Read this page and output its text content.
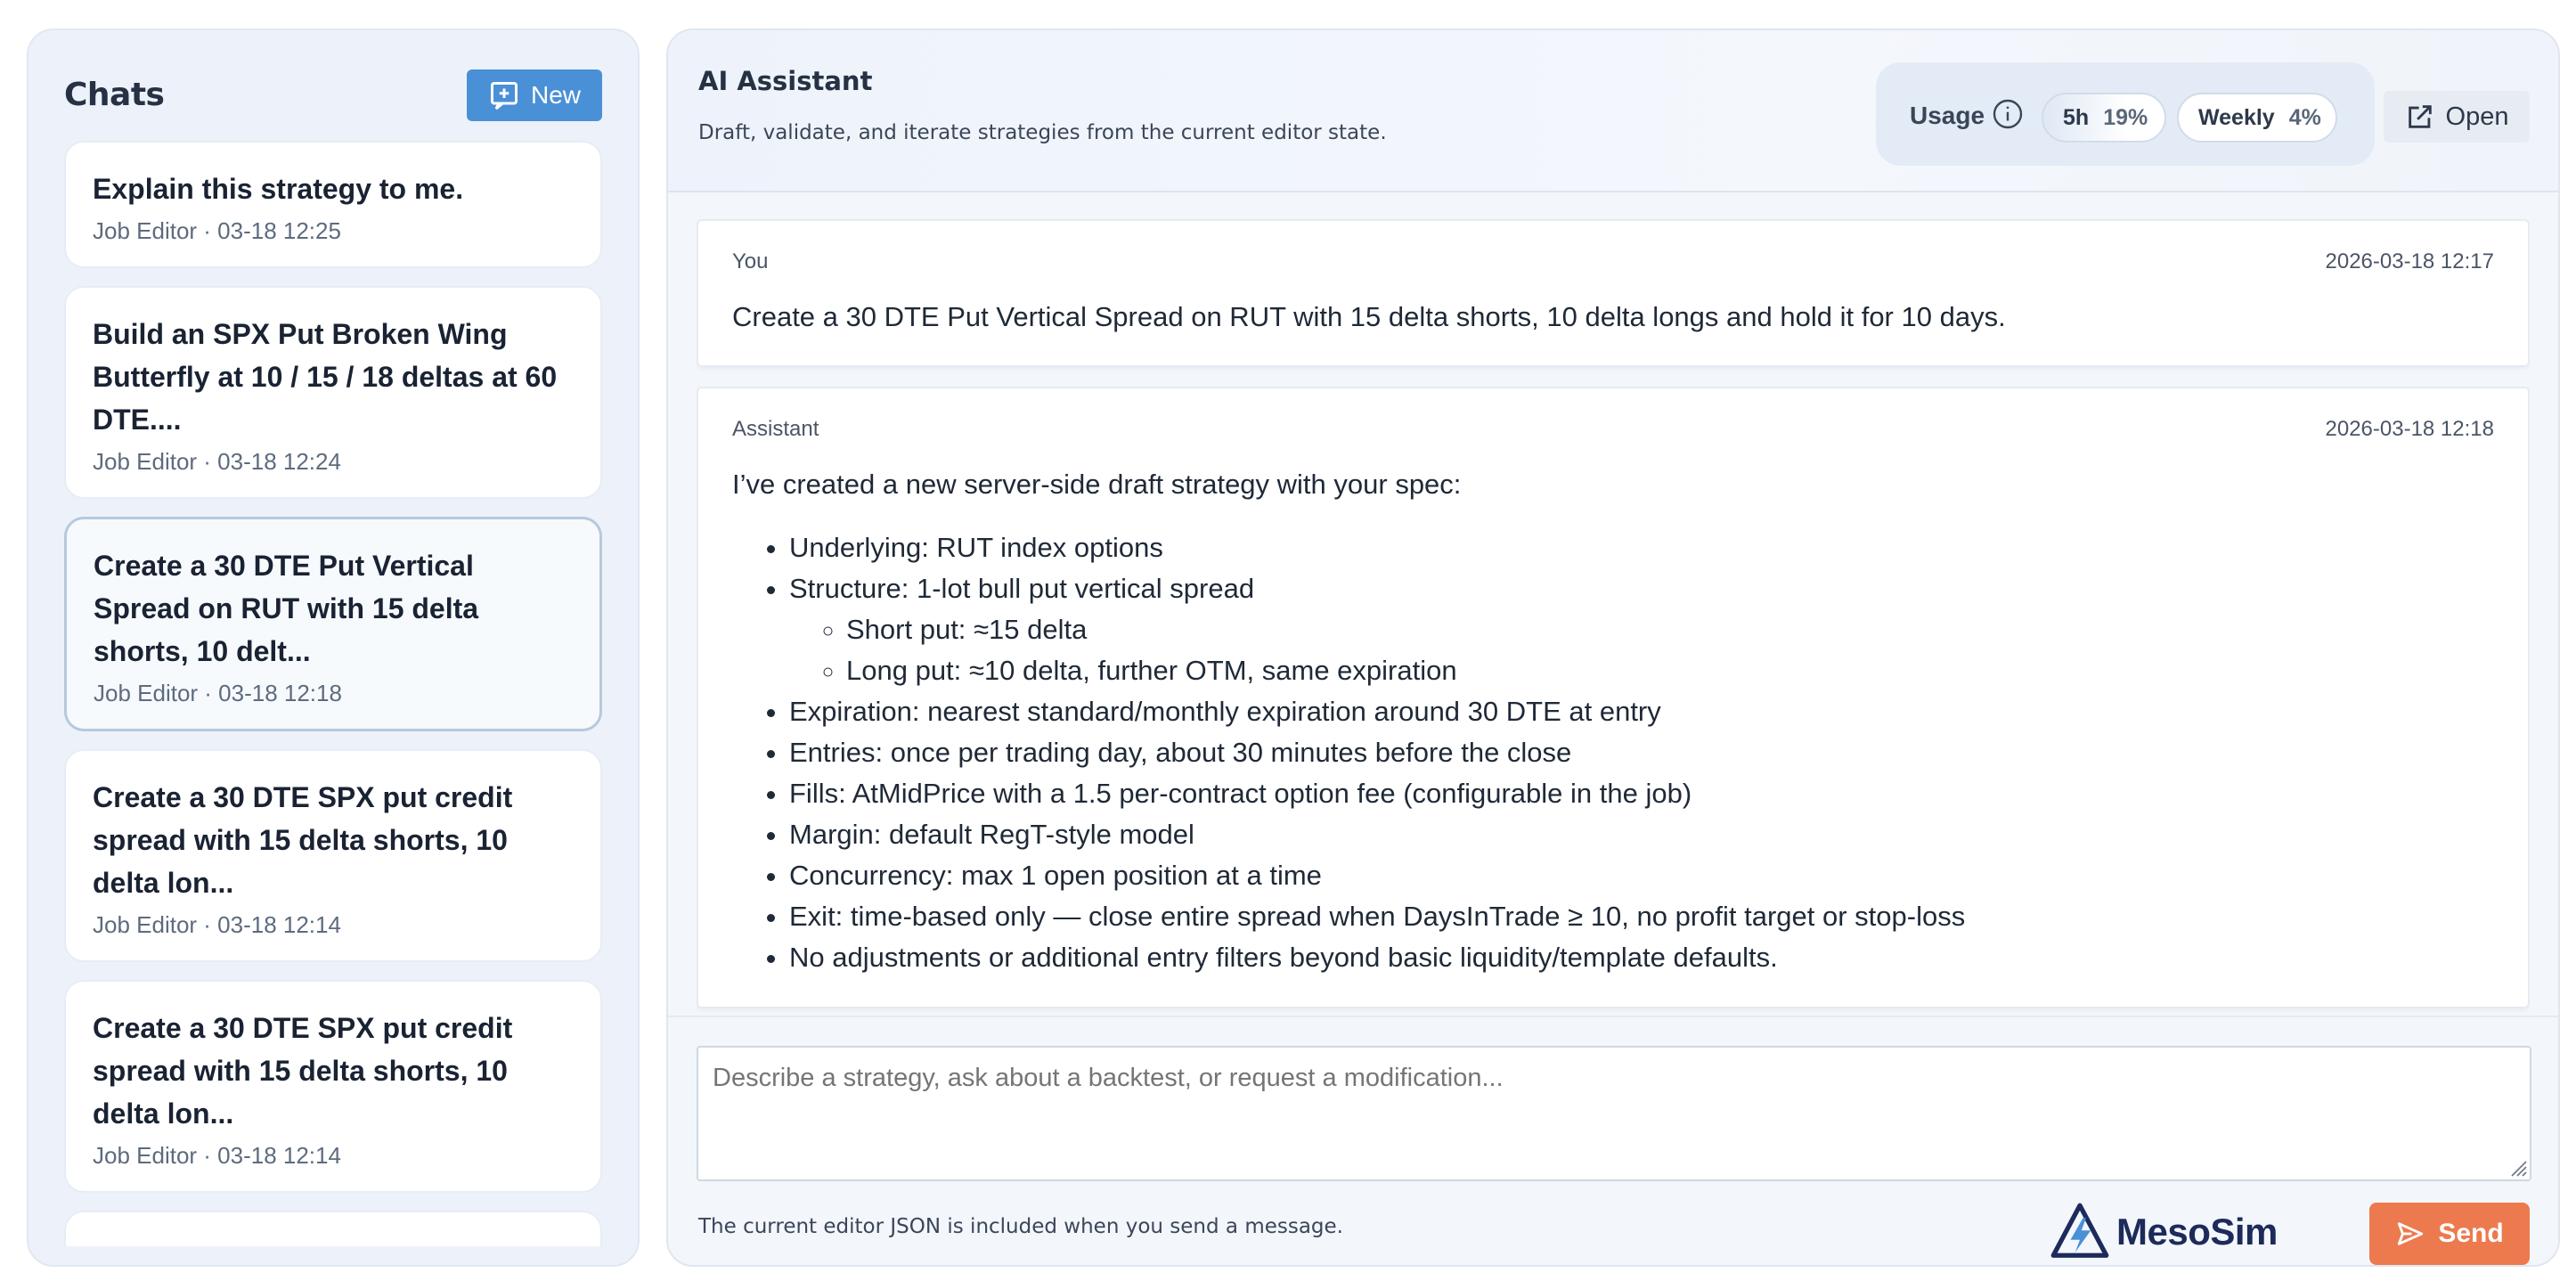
Chats	New
Explain this strategy to me.
Job Editor · 03-18 12:25
Build an SPX Put Broken Wing Butterfly at 10 / 15 / 18 deltas at 60 DTE....
Job Editor · 03-18 12:24
Create a 30 DTE Put Vertical Spread on RUT with 15 delta shorts, 10 delt...
Job Editor · 03-18 12:18
Create a 30 DTE SPX put credit spread with 15 delta shorts, 10 delta lon...
Job Editor · 03-18 12:14
Create a 30 DTE SPX put credit spread with 15 delta shorts, 10 delta lon...
Job Editor · 03-18 12:14
AI Assistant
Draft, validate, and iterate strategies from the current editor state.
Usage	5h 19% Weekly 4%	Open
You	2026-03-18 12:17
Create a 30 DTE Put Vertical Spread on RUT with 15 delta shorts, 10 delta longs and hold it for 10 days.
Assistant	2026-03-18 12:18
I’ve created a new server-side draft strategy with your spec:
• Underlying: RUT index options
• Structure: 1-lot bull put vertical spread
◦ Short put: ≈15 delta
◦ Long put: ≈10 delta, further OTM, same expiration
• Expiration: nearest standard/monthly expiration around 30 DTE at entry
• Entries: once per trading day, about 30 minutes before the close
• Fills: AtMidPrice with a 1.5 per-contract option fee (configurable in the job)
• Margin: default RegT-style model
• Concurrency: max 1 open position at a time
• Exit: time-based only — close entire spread when DaysInTrade ≥ 10, no profit target or stop-loss
• No adjustments or additional entry filters beyond basic liquidity/template defaults.
Describe a strategy, ask about a backtest, or request a modification...
The current editor JSON is included when you send a message.	MesoSim	Send
